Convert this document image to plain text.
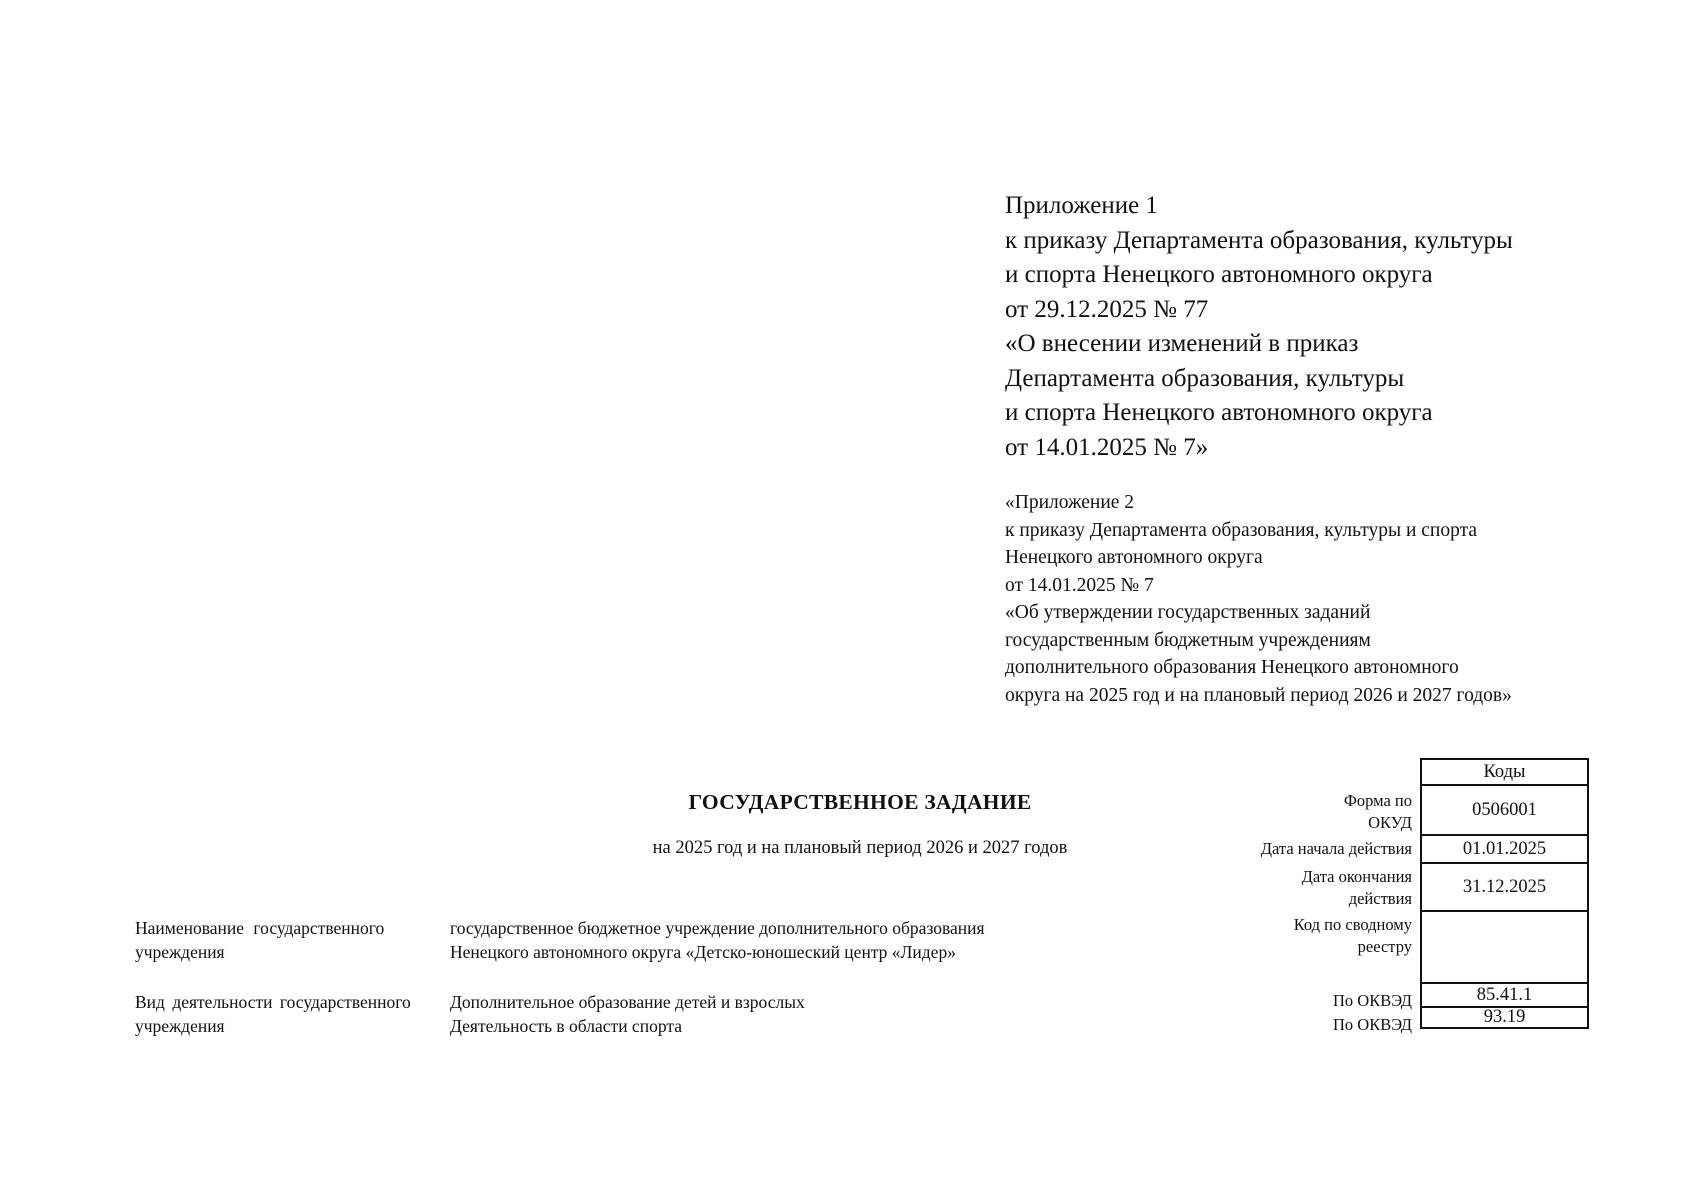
Приложение 1
к приказу Департамента образования, культуры
и спорта Ненецкого автономного округа
от 29.12.2025 № 77
«О внесении изменений в приказ
Департамента образования, культуры
и спорта Ненецкого автономного округа
от 14.01.2025 № 7»
«Приложение 2
к приказу Департамента образования, культуры и спорта
Ненецкого автономного округа
от 14.01.2025 № 7
«Об утверждении государственных заданий
государственным бюджетным учреждениям
дополнительного образования Ненецкого автономного
округа на 2025 год и на плановый период 2026 и 2027 годов»
ГОСУДАРСТВЕННОЕ ЗАДАНИЕ
на 2025 год и на плановый период 2026 и 2027 годов
Наименование государственного
учреждения
государственное бюджетное учреждение дополнительного образования
Ненецкого автономного округа «Детско-юношеский центр «Лидер»
Вид деятельности государственного
учреждения
Дополнительное образование детей и взрослых
Деятельность в области спорта
Форма по
ОКУД
Дата начала действия
Дата окончания
действия
Код по сводному
реестру
По ОКВЭД
По ОКВЭД
Коды
0506001
01.01.2025
31.12.2025
85.41.1
93.19
